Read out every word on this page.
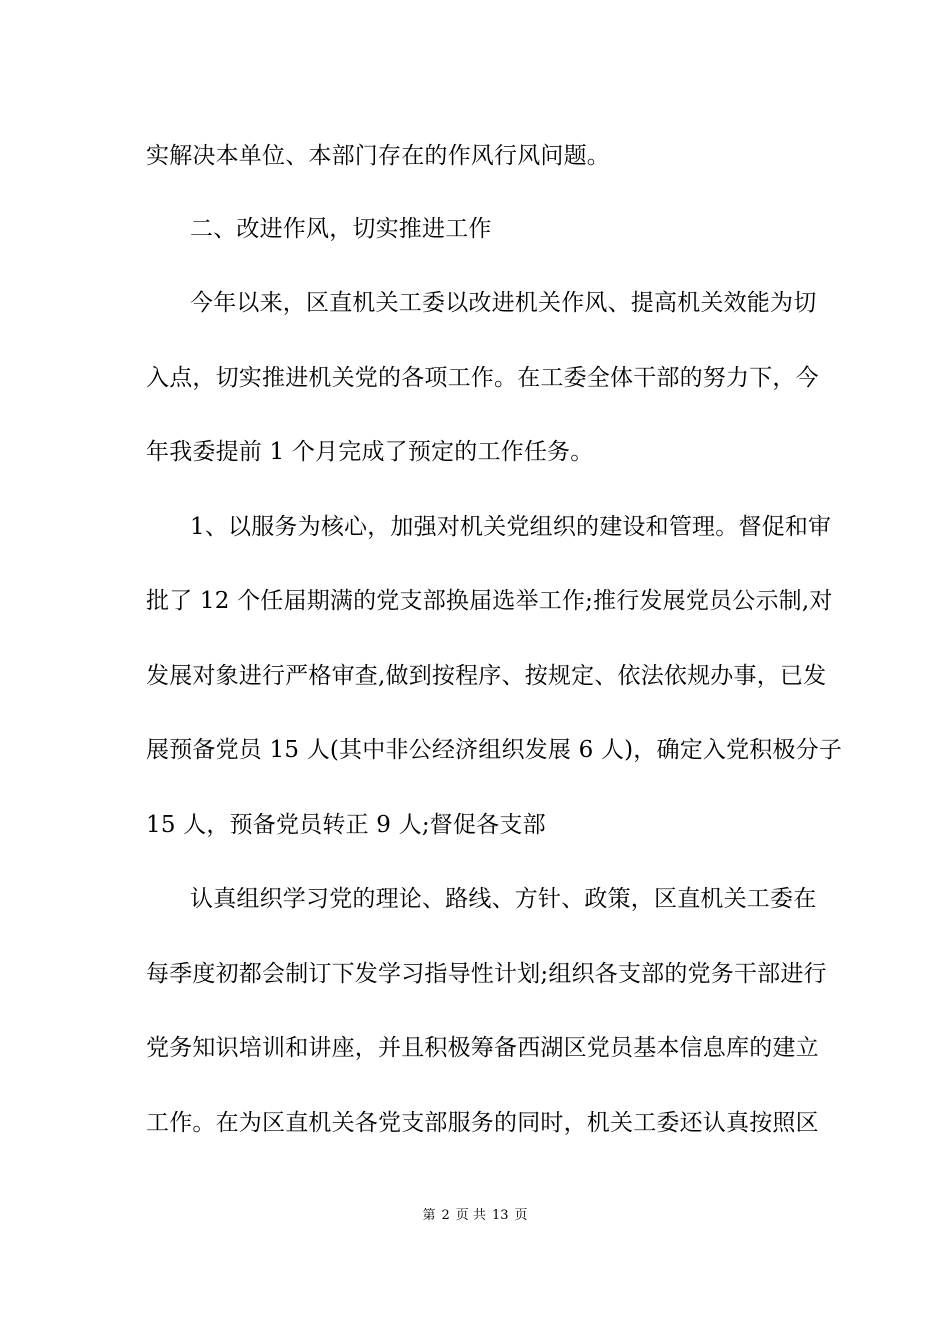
实解决本单位、本部门存在的作风行风问题。
二、改进作风，切实推进工作
今年以来，区直机关工委以改进机关作风、提高机关效能为切
入点，切实推进机关党的各项工作。在工委全体干部的努力下，今
年我委提前 1 个月完成了预定的工作任务。
1、以服务为核心，加强对机关党组织的建设和管理。督促和审
批了 12 个任届期满的党支部换届选举工作;推行发展党员公示制,对
发展对象进行严格审查,做到按程序、按规定、依法依规办事，已发
展预备党员 15 人(其中非公经济组织发展 6 人)，确定入党积极分子
15 人，预备党员转正 9 人;督促各支部
认真组织学习党的理论、路线、方针、政策，区直机关工委在
每季度初都会制订下发学习指导性计划;组织各支部的党务干部进行
党务知识培训和讲座，并且积极筹备西湖区党员基本信息库的建立
工作。在为区直机关各党支部服务的同时，机关工委还认真按照区
第 2 页 共 13 页
